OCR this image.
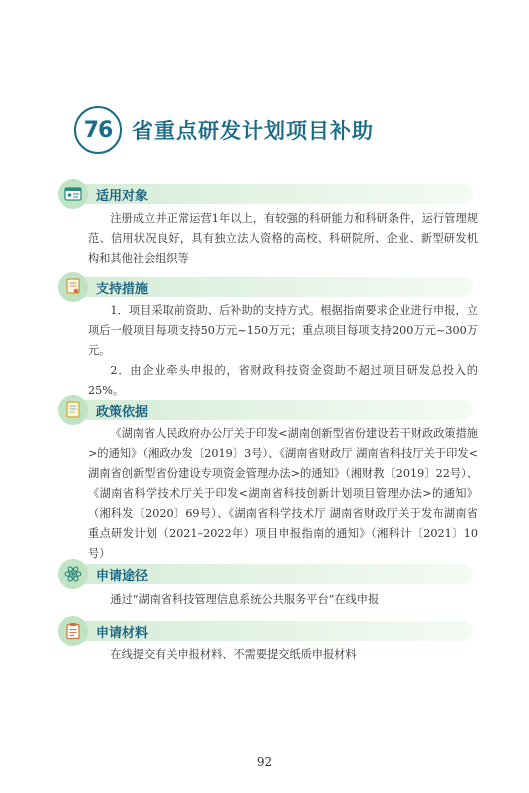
76 省重点研发计划项目补助
适用对象

注册成立并正常运营1年以上，有较强的科研能力和科研条件，运行管理规范、信用状况良好，具有独立法人资格的高校、科研院所、企业、新型研发机构和其他社会组织等

支持措施

1．项目采取前资助、后补助的支持方式。根据指南要求企业进行申报，立项后一般项目每项支持50万元~150万元；重点项目每项支持200万元~300万元。

2．由企业牵头申报的，省财政科技资金资助不超过项目研发总投入的25%。

政策依据

《湖南省人民政府办公厅关于印发<湖南创新型省份建设若干财政政策措施>的通知》（湘政办发〔2019〕3号）、《湖南省财政厅 湖南省科技厅关于印发<湖南省创新型省份建设专项资金管理办法>的通知》（湘财教〔2019〕22号）、《湖南省科学技术厅关于印发<湖南省科技创新计划项目管理办法>的通知》（湘科发〔2020〕69号）、《湖南省科学技术厅 湖南省财政厅关于发布湖南省重点研发计划（2021–2022年）项目申报指南的通知》（湘科计〔2021〕10号）

申请途径

通过“湖南省科技管理信息系统公共服务平台”在线申报

申请材料

在线提交有关申报材料、不需要提交纸质申报材料

92
